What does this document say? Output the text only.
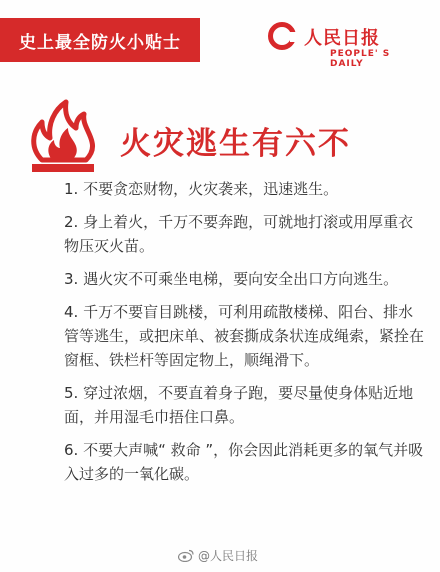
史上最全防火小贴士	人民日报
PEOPLE' S DAILY
火灾逃生有六不
1. 不要贪恋财物，火灾袭来，迅速逃生。
2. 身上着火，千万不要奔跑，可就地打滚或用厚重衣物压灭火苗。
3. 遇火灾不可乘坐电梯，要向安全出口方向逃生。
4. 千万不要盲目跳楼，可利用疏散楼梯、阳台、排水管等逃生，或把床单、被套撕成条状连成绳索，紧拴在窗框、铁栏杆等固定物上，顺绳滑下。
5. 穿过浓烟，不要直着身子跑，要尽量使身体贴近地面，并用湿毛巾捂住口鼻。
6. 不要大声喊“ 救命 ”，你会因此消耗更多的氧气并吸入过多的一氧化碳。
@人民日报
